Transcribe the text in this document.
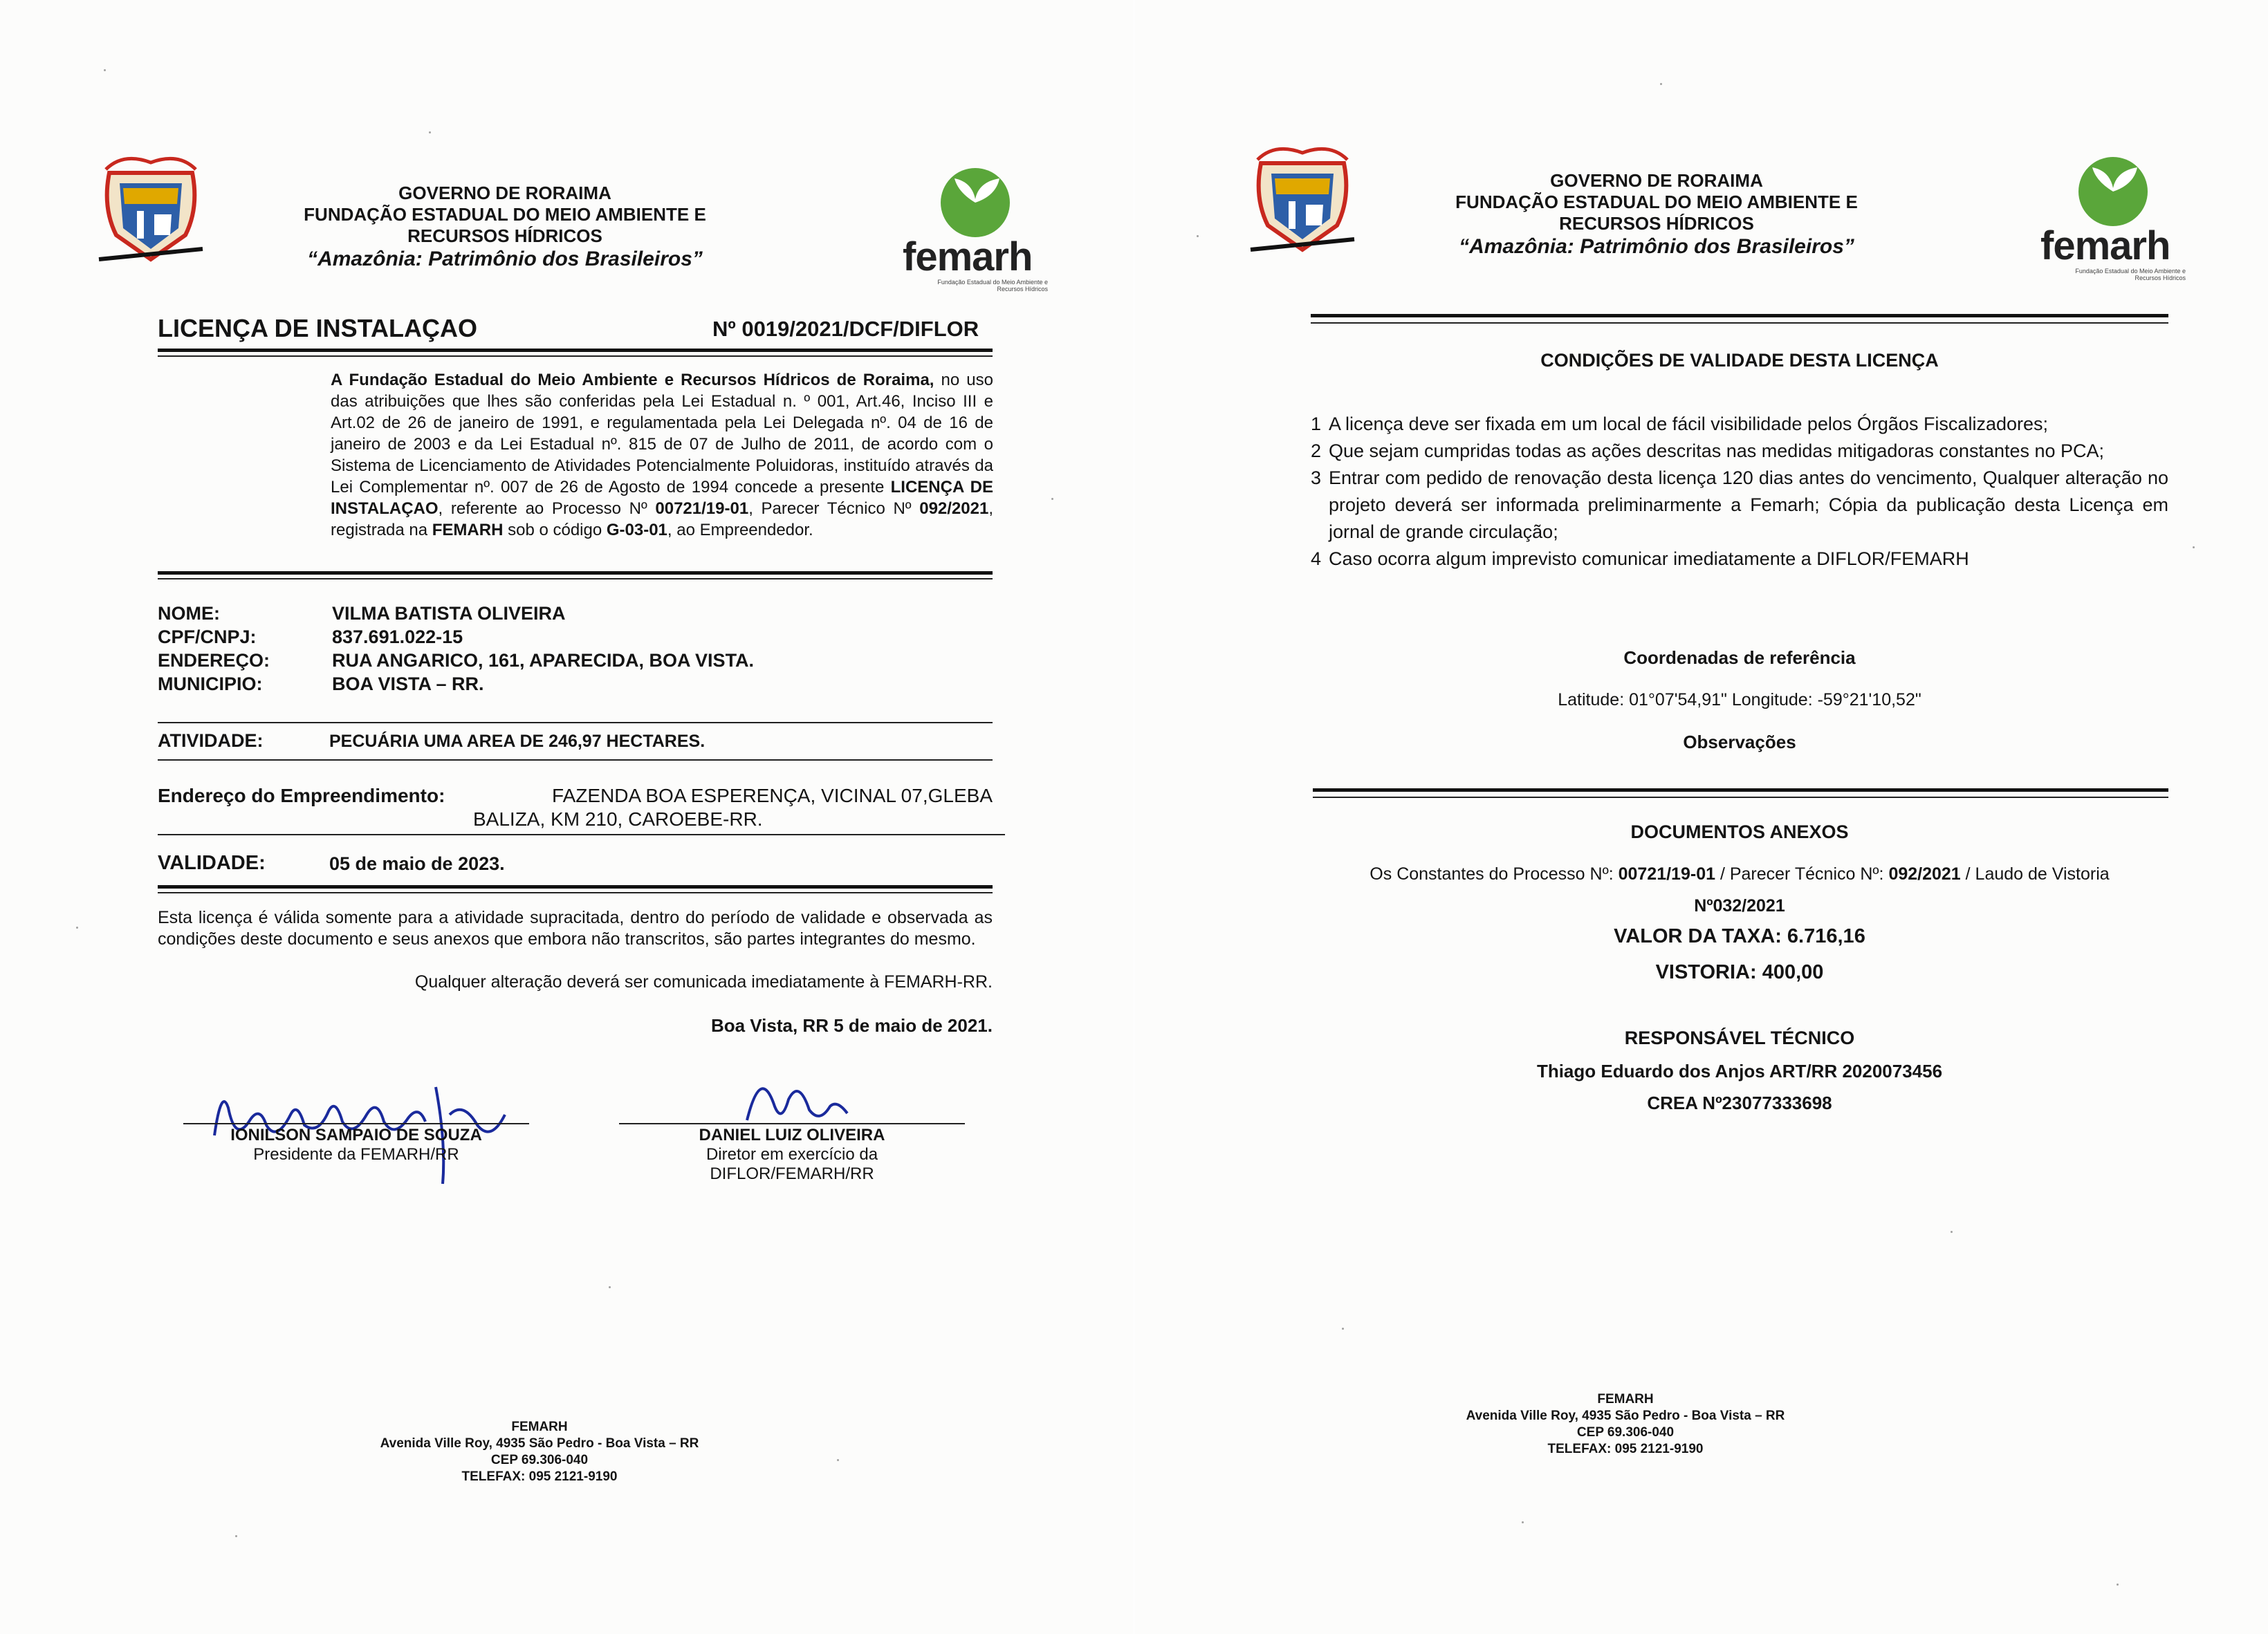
GOVERNO DE RORAIMA
FUNDAÇÃO ESTADUAL DO MEIO AMBIENTE E
RECURSOS HÍDRICOS
“Amazônia: Patrimônio dos Brasileiros”	femarh
Fundação Estadual do Meio Ambiente e Recursos Hídricos
LICENÇA DE INSTALAÇAO	Nº 0019/2021/DCF/DIFLOR
A Fundação Estadual do Meio Ambiente e Recursos Hídricos de Roraima, no uso das atribuições que lhes são conferidas pela Lei Estadual n. º 001, Art.46, Inciso III e Art.02 de 26 de janeiro de 1991, e regulamentada pela Lei Delegada nº. 04 de 16 de janeiro de 2003 e da Lei Estadual nº. 815 de 07 de Julho de 2011, de acordo com o Sistema de Licenciamento de Atividades Potencialmente Poluidoras, instituído através da Lei Complementar nº. 007 de 26 de Agosto de 1994 concede a presente LICENÇA DE INSTALAÇAO, referente ao Processo Nº 00721/19-01, Parecer Técnico Nº 092/2021, registrada na FEMARH sob o código G-03-01, ao Empreendedor.
NOME:	VILMA BATISTA OLIVEIRA
CPF/CNPJ:	837.691.022-15
ENDEREÇO:	RUA ANGARICO, 161, APARECIDA, BOA VISTA.
MUNICIPIO:	BOA VISTA – RR.
ATIVIDADE:	PECUÁRIA UMA AREA DE 246,97 HECTARES.
Endereço do Empreendimento:	FAZENDA BOA ESPERENÇA, VICINAL 07,GLEBA
BALIZA, KM 210, CAROEBE-RR.
VALIDADE:	05 de maio de 2023.
Esta licença é válida somente para a atividade supracitada, dentro do período de validade e observada as condições deste documento e seus anexos que embora não transcritos, são partes integrantes do mesmo.
Qualquer alteração deverá ser comunicada imediatamente à FEMARH-RR.
Boa Vista, RR 5 de maio de 2021.
IONILSON SAMPAIO DE SOUZA
Presidente da FEMARH/RR
DANIEL LUIZ OLIVEIRA
Diretor em exercício da
DIFLOR/FEMARH/RR
FEMARH
Avenida Ville Roy, 4935 São Pedro - Boa Vista – RR
CEP 69.306-040
TELEFAX: 095 2121-9190
GOVERNO DE RORAIMA
FUNDAÇÃO ESTADUAL DO MEIO AMBIENTE E
RECURSOS HÍDRICOS
“Amazônia: Patrimônio dos Brasileiros”	femarh
Fundação Estadual do Meio Ambiente e Recursos Hídricos
CONDIÇÕES DE VALIDADE DESTA LICENÇA
1 A licença deve ser fixada em um local de fácil visibilidade pelos Órgãos Fiscalizadores;
2 Que sejam cumpridas todas as ações descritas nas medidas mitigadoras constantes no PCA;
3 Entrar com pedido de renovação desta licença 120 dias antes do vencimento, Qualquer alteração no projeto deverá ser informada preliminarmente a Femarh; Cópia da publicação desta Licença em jornal de grande circulação;
4 Caso ocorra algum imprevisto comunicar imediatamente a DIFLOR/FEMARH
Coordenadas de referência
Latitude: 01°07'54,91" Longitude: -59°21'10,52"
Observações
DOCUMENTOS ANEXOS
Os Constantes do Processo Nº: 00721/19-01 / Parecer Técnico Nº: 092/2021 / Laudo de Vistoria
Nº032/2021
VALOR DA TAXA: 6.716,16
VISTORIA: 400,00
RESPONSÁVEL TÉCNICO
Thiago Eduardo dos Anjos ART/RR 2020073456
CREA Nº23077333698
FEMARH
Avenida Ville Roy, 4935 São Pedro - Boa Vista – RR
CEP 69.306-040
TELEFAX: 095 2121-9190
